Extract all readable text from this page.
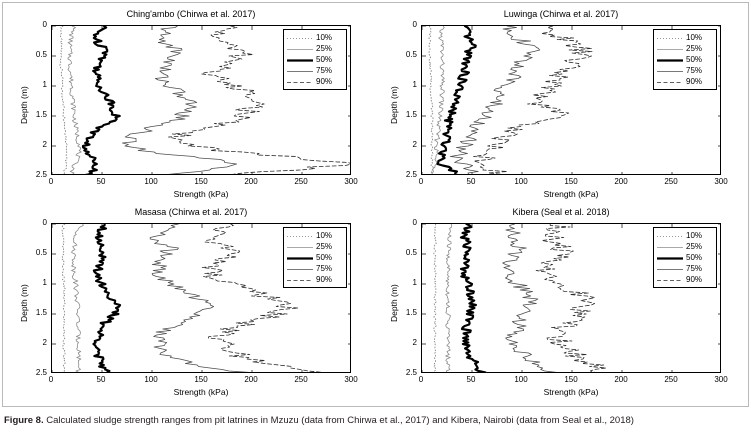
Ching'ambo (Chirwa et al. 2017)
0
0.5
1
1.5
2
2.5
0	50	100	150	200	250	300
Depth (m)
Strength (kPa)
10%
25%
50%
75%
90%
Luwinga (Chirwa et al. 2017)
0
0.5
1
1.5
2
2.5
0	50	100	150	200	250	300
Depth (m)
Strength (kPa)
10%
25%
50%
75%
90%
Masasa (Chirwa et al. 2017)
0
0.5
1
1.5
2
2.5
0	50	100	150	200	250	300
Depth (m)
Strength (kPa)
10%
25%
50%
75%
90%
Kibera (Seal et al. 2018)
0
0.5
1
1.5
2
2.5
0	50	100	150	200	250	300
Depth (m)
Strength (kPa)
10%
25%
50%
75%
90%
Figure 8. Calculated sludge strength ranges from pit latrines in Mzuzu (data from Chirwa et al., 2017) and Kibera, Nairobi (data from Seal et al., 2018)
